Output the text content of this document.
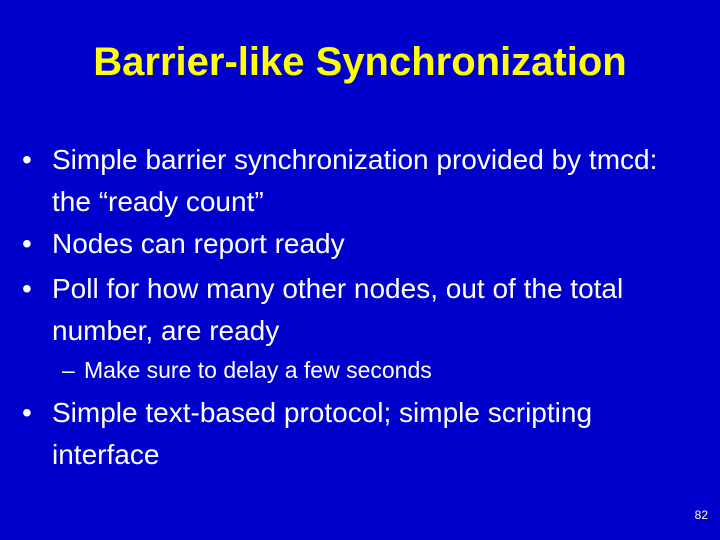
Barrier-like Synchronization
• Simple barrier synchronization provided by tmcd: the “ready count”
• Nodes can report ready
• Poll for how many other nodes, out of the total number, are ready
– Make sure to delay a few seconds
• Simple text-based protocol; simple scripting interface
82
